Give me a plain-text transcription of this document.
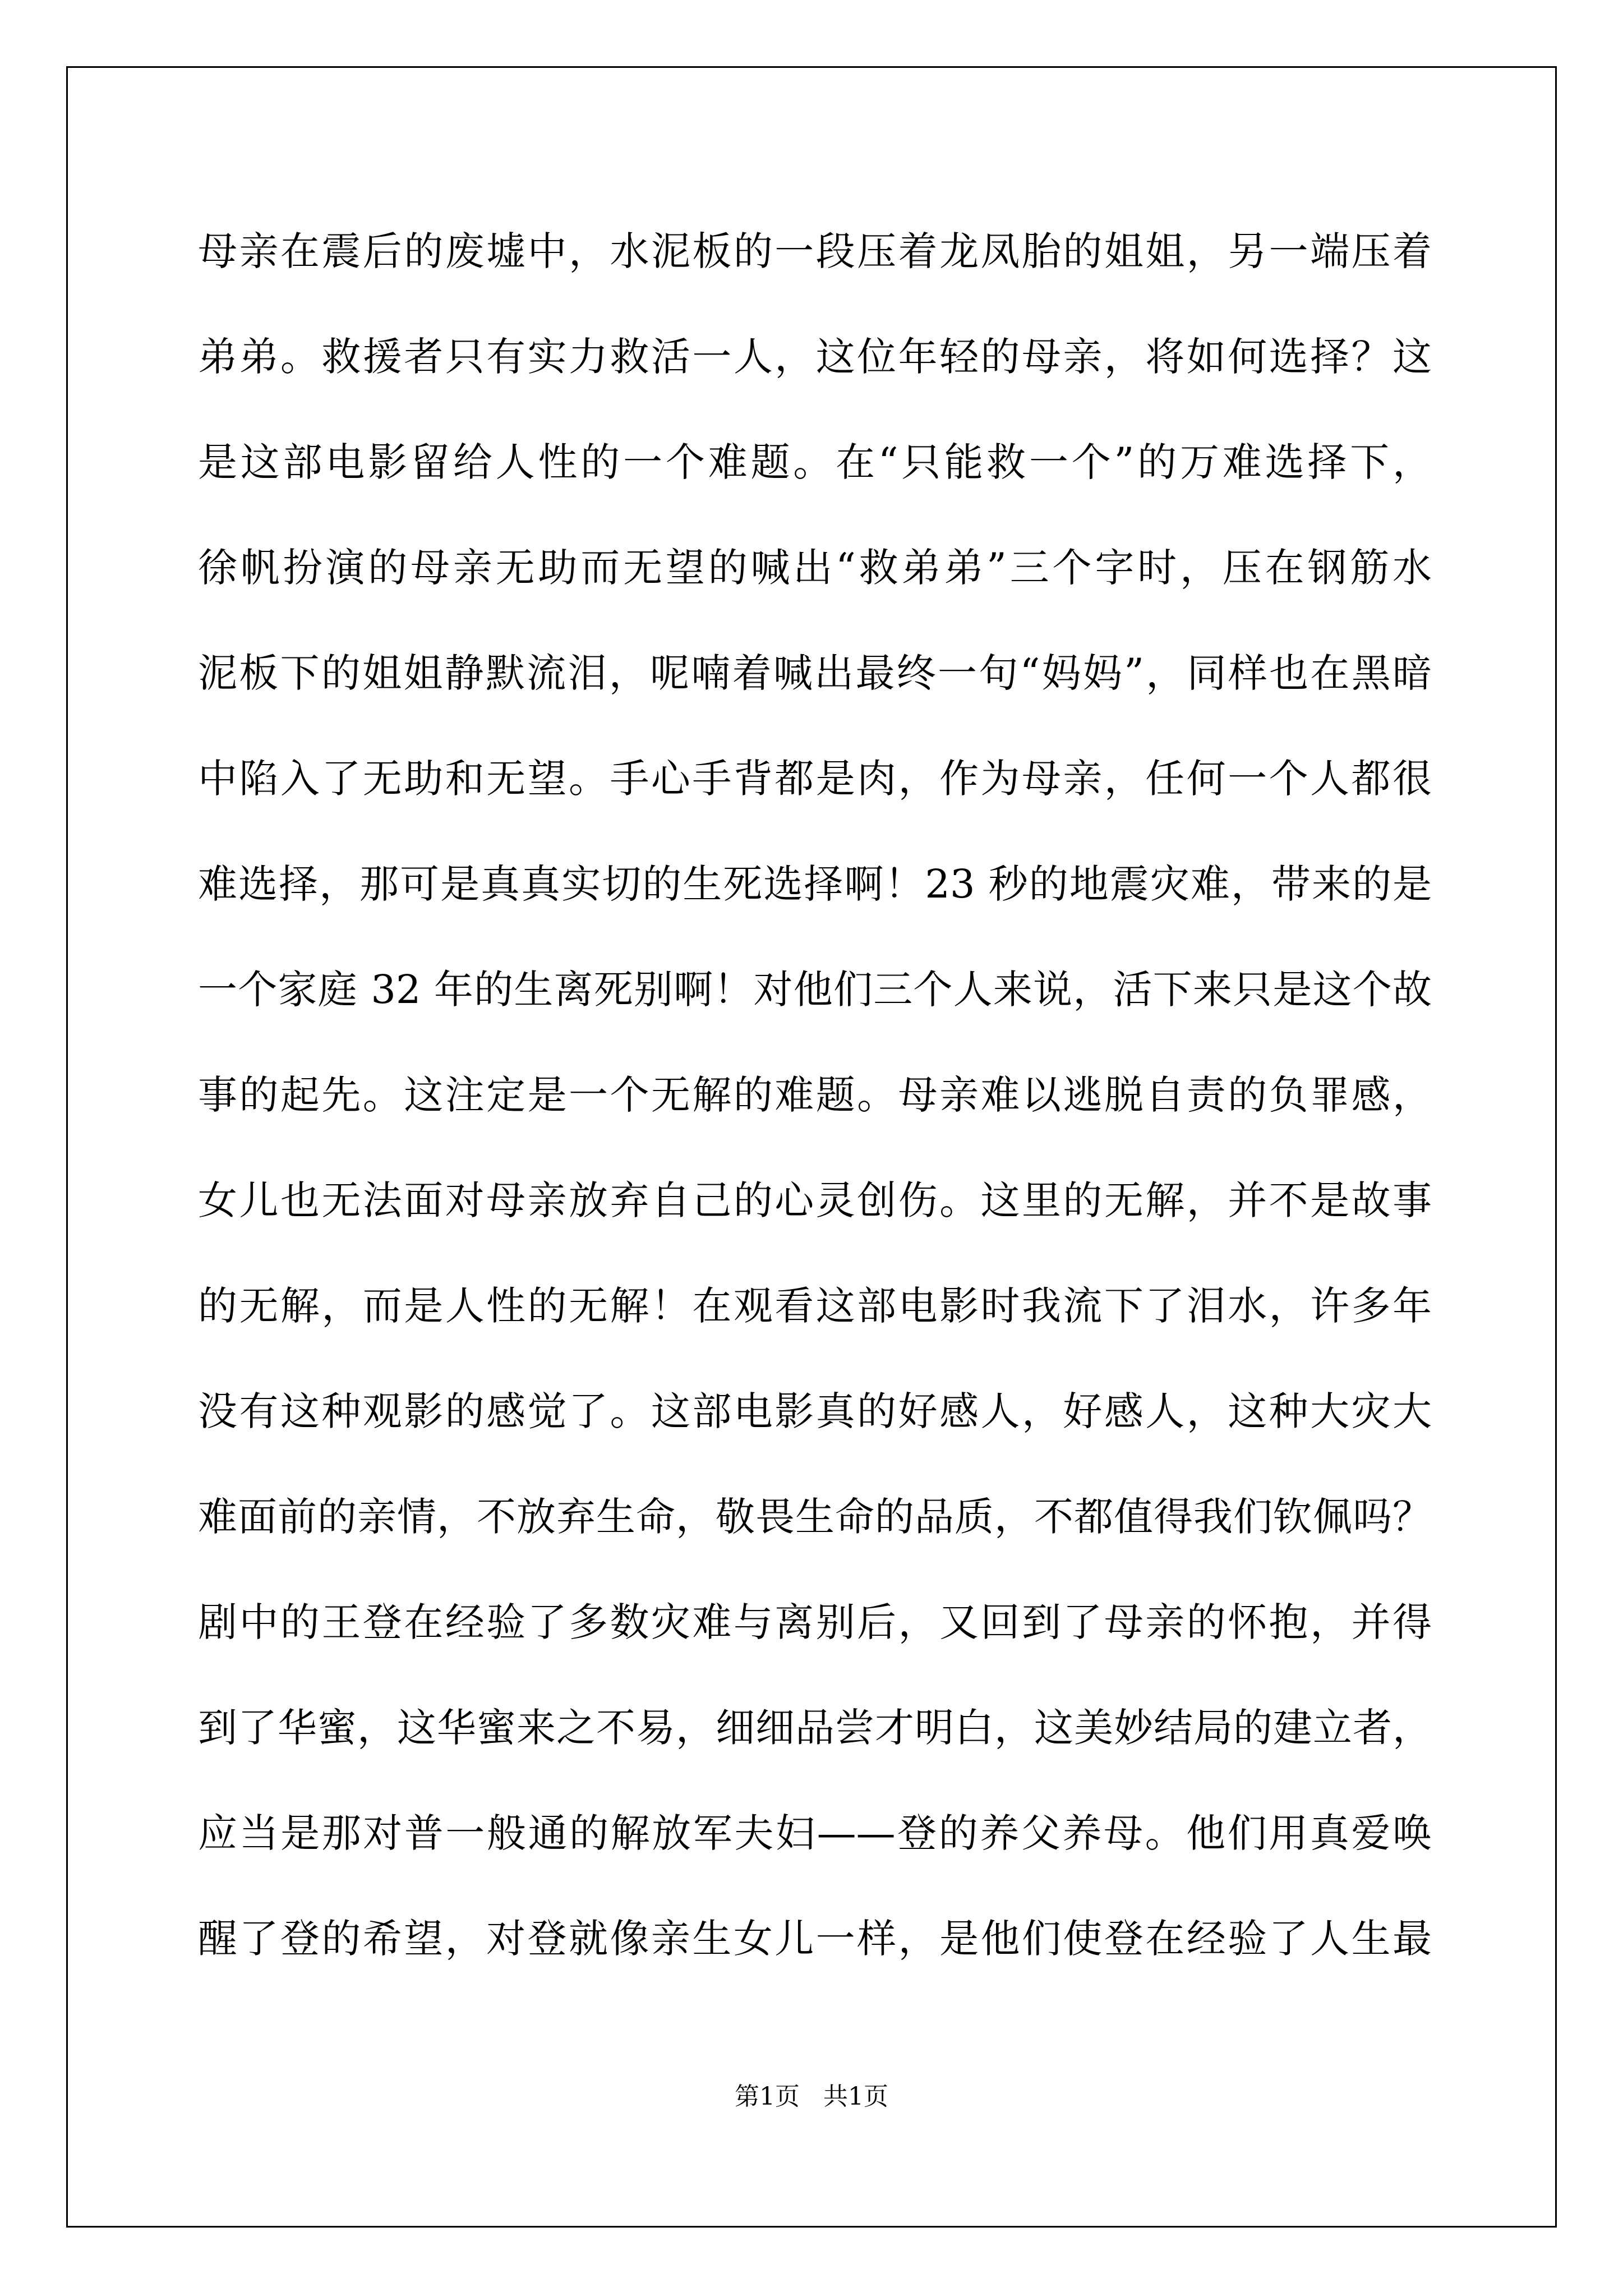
母亲在震后的废墟中，水泥板的一段压着龙凤胎的姐姐，另一端压着
弟弟。救援者只有实力救活一人，这位年轻的母亲，将如何选择？这
是这部电影留给人性的一个难题。在“只能救一个”的万难选择下，
徐帆扮演的母亲无助而无望的喊出“救弟弟”三个字时，压在钢筋水
泥板下的姐姐静默流泪，呢喃着喊出最终一句“妈妈”，同样也在黑暗
中陷入了无助和无望。手心手背都是肉，作为母亲，任何一个人都很
难选择，那可是真真实切的生死选择啊！23 秒的地震灾难，带来的是
一个家庭 32 年的生离死别啊！对他们三个人来说，活下来只是这个故
事的起先。这注定是一个无解的难题。母亲难以逃脱自责的负罪感，
女儿也无法面对母亲放弃自己的心灵创伤。这里的无解，并不是故事
的无解，而是人性的无解！在观看这部电影时我流下了泪水，许多年
没有这种观影的感觉了。这部电影真的好感人，好感人，这种大灾大
难面前的亲情，不放弃生命，敬畏生命的品质，不都值得我们钦佩吗？
剧中的王登在经验了多数灾难与离别后，又回到了母亲的怀抱，并得
到了华蜜，这华蜜来之不易，细细品尝才明白，这美妙结局的建立者，
应当是那对普一般通的解放军夫妇——登的养父养母。他们用真爱唤
醒了登的希望，对登就像亲生女儿一样，是他们使登在经验了人生最
第1页   共1页
